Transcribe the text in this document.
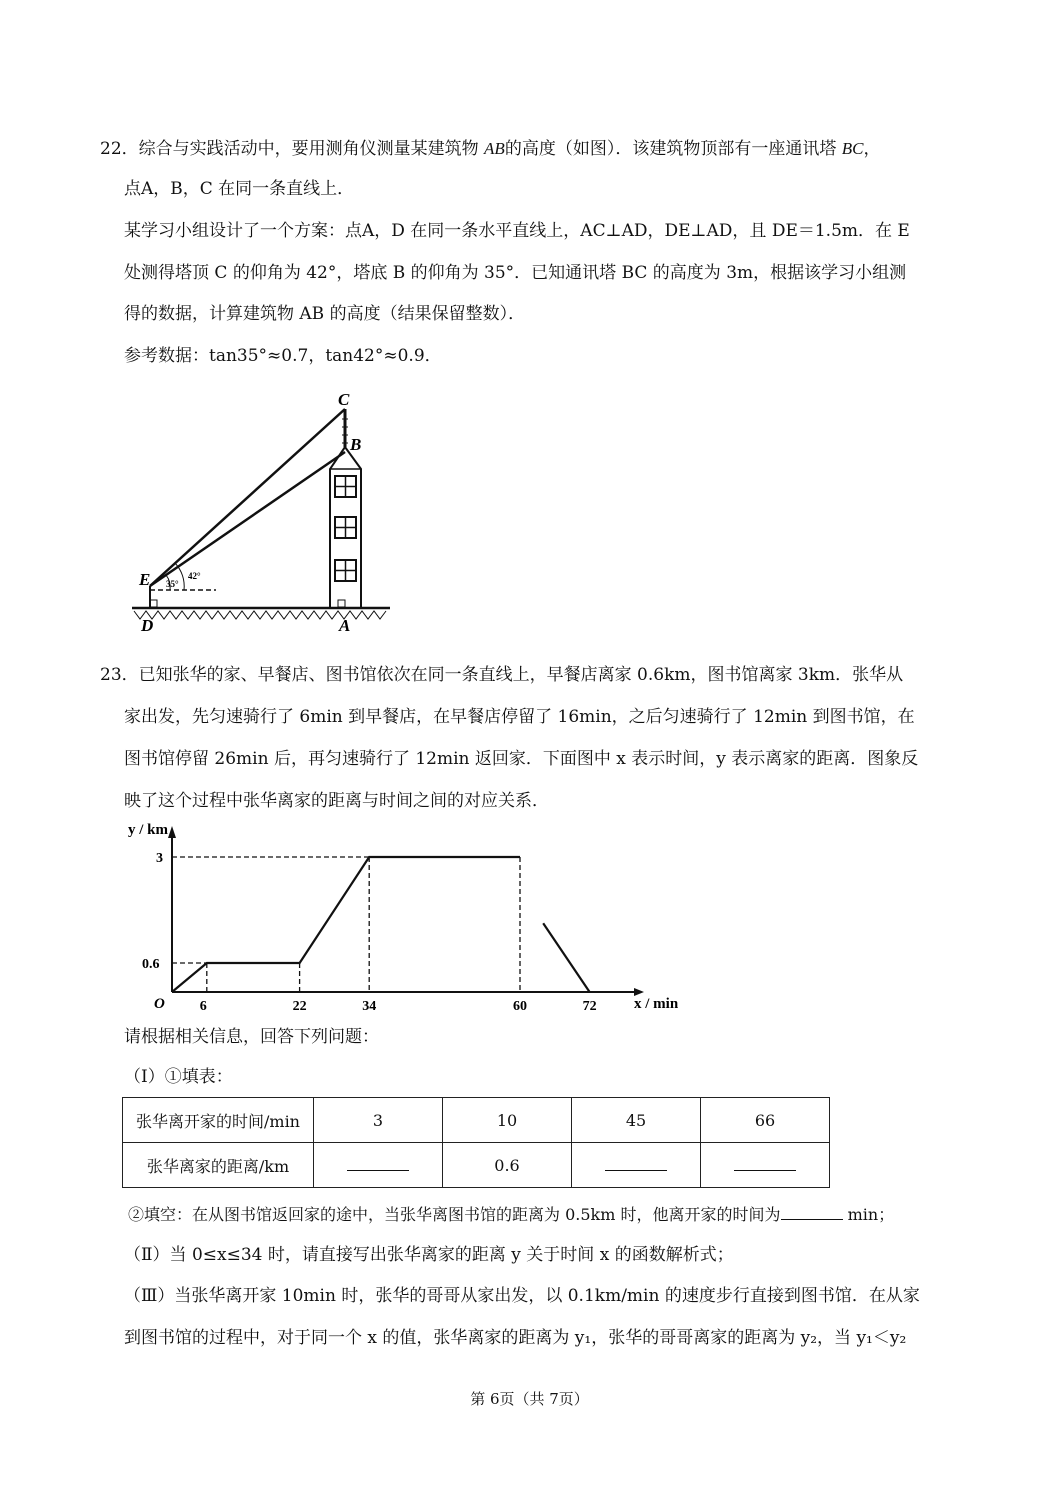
22．综合与实践活动中，要用测角仪测量某建筑物 AB的高度（如图）．该建筑物顶部有一座通讯塔 BC，
点A，B，C 在同一条直线上．
某学习小组设计了一个方案：点A，D 在同一条水平直线上，AC⊥AD，DE⊥AD，且 DE＝1.5m．在 E
处测得塔顶 C 的仰角为 42°，塔底 B 的仰角为 35°．已知通讯塔 BC 的高度为 3m，根据该学习小组测
得的数据，计算建筑物 AB 的高度（结果保留整数）．
参考数据：tan35°≈0.7，tan42°≈0.9．
C
B
E
D	A
35°
42°
23．已知张华的家、早餐店、图书馆依次在同一条直线上，早餐店离家 0.6km，图书馆离家 3km．张华从
家出发，先匀速骑行了 6min 到早餐店，在早餐店停留了 16min，之后匀速骑行了 12min 到图书馆，在
图书馆停留 26min 后，再匀速骑行了 12min 返回家．下面图中 x 表示时间，y 表示离家的距离．图象反
映了这个过程中张华离家的距离与时间之间的对应关系．
6	22	34	60	72
0.6
3
O
y / km
x / min
请根据相关信息，回答下列问题：
（Ⅰ）①填表：
张华离开家的时间/min	3	10	45	66
张华离家的距离/km		0.6		
②填空：在从图书馆返回家的途中，当张华离图书馆的距离为 0.5km 时，他离开家的时间为	min；
（Ⅱ）当 0≤x≤34 时，请直接写出张华离家的距离 y 关于时间 x 的函数解析式；
（Ⅲ）当张华离开家 10min 时，张华的哥哥从家出发，以 0.1km/min 的速度步行直接到图书馆．在从家
到图书馆的过程中，对于同一个 x 的值，张华离家的距离为 y₁，张华的哥哥离家的距离为 y₂，当 y₁＜y₂
第 6页（共 7页）
